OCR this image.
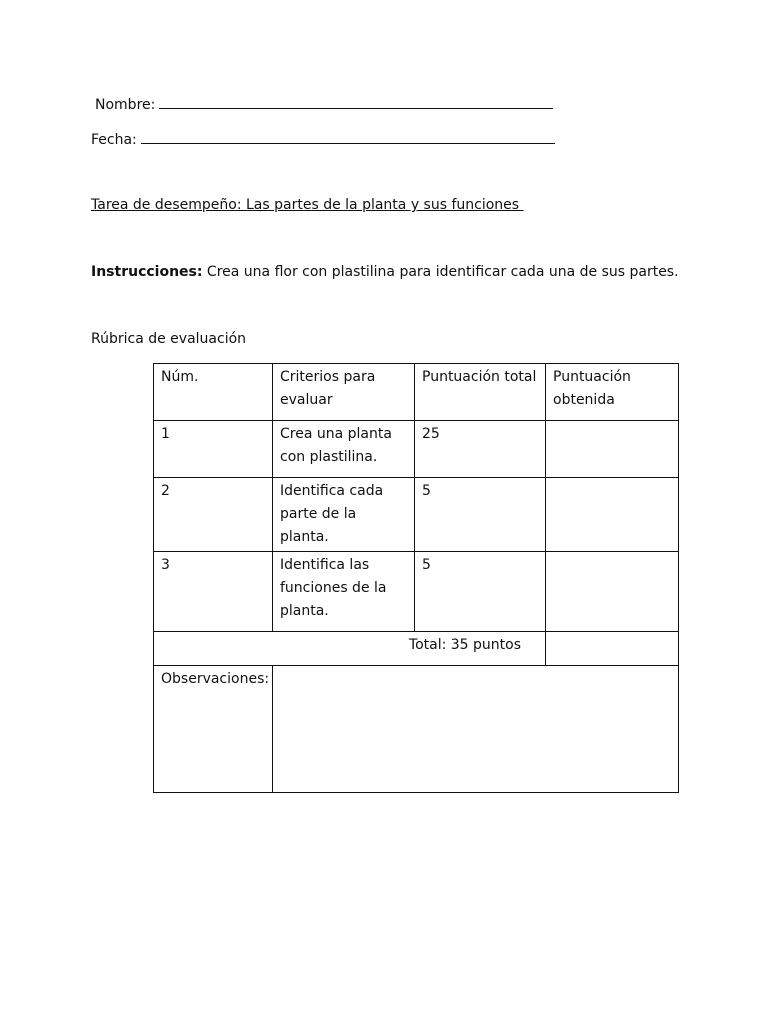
Nombre:
Fecha:
Tarea de desempeño: Las partes de la planta y sus funciones
Instrucciones: Crea una flor con plastilina para identificar cada una de sus partes.
Rúbrica de evaluación
Núm.	Criterios para evaluar	Puntuación total	Puntuación obtenida
1	Crea una planta con plastilina.	25	
2	Identifica cada parte de la planta.	5	
3	Identifica las funciones de la planta.	5	
Total: 35 puntos			
Observaciones:			
